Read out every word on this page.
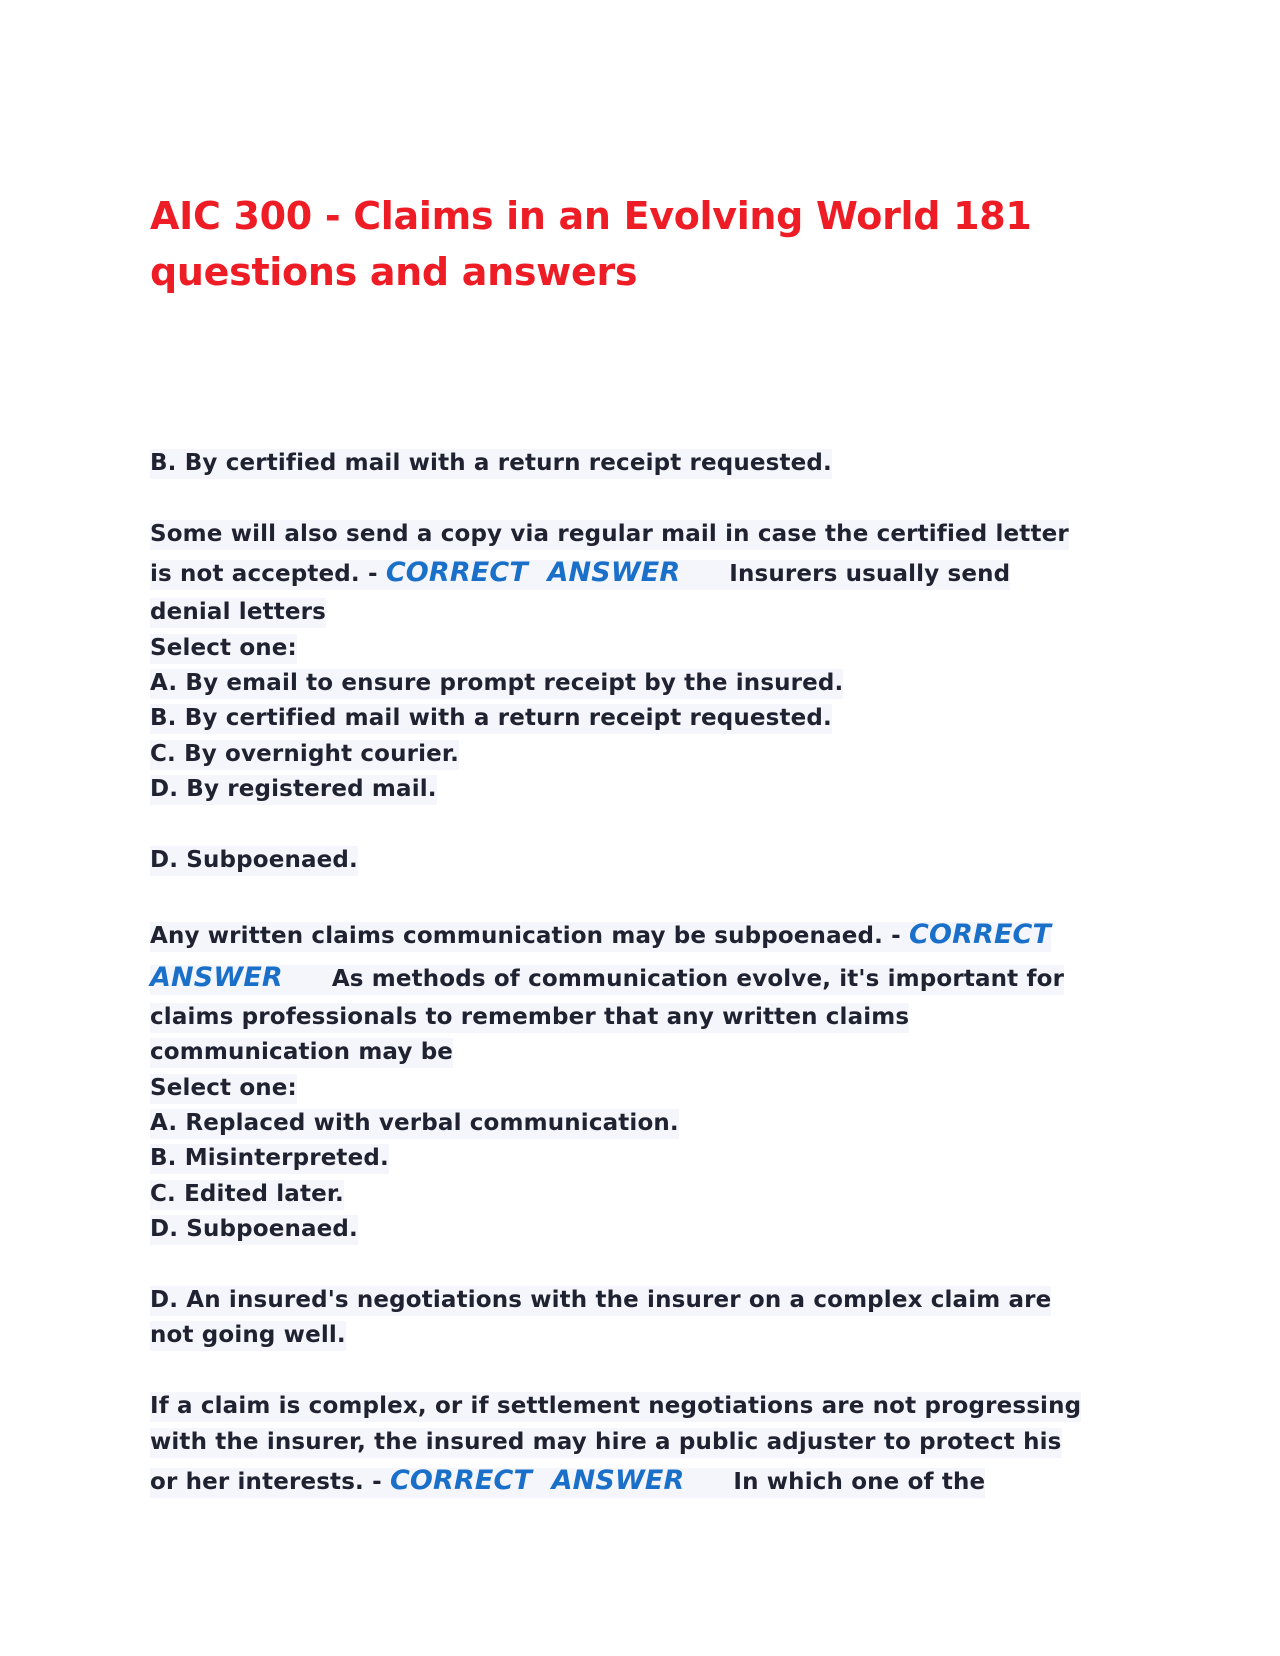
AIC 300 - Claims in an Evolving World 181 questions and answers
B. By certified mail with a return receipt requested.
Some will also send a copy via regular mail in case the certified letter
is not accepted. - CORRECT ANSWER Insurers usually send
denial letters
Select one:
A. By email to ensure prompt receipt by the insured.
B. By certified mail with a return receipt requested.
C. By overnight courier.
D. By registered mail.
D. Subpoenaed.
Any written claims communication may be subpoenaed. - CORRECT
ANSWER As methods of communication evolve, it's important for
claims professionals to remember that any written claims
communication may be
Select one:
A. Replaced with verbal communication.
B. Misinterpreted.
C. Edited later.
D. Subpoenaed.
D. An insured's negotiations with the insurer on a complex claim are
not going well.
If a claim is complex, or if settlement negotiations are not progressing
with the insurer, the insured may hire a public adjuster to protect his
or her interests. - CORRECT ANSWER In which one of the
